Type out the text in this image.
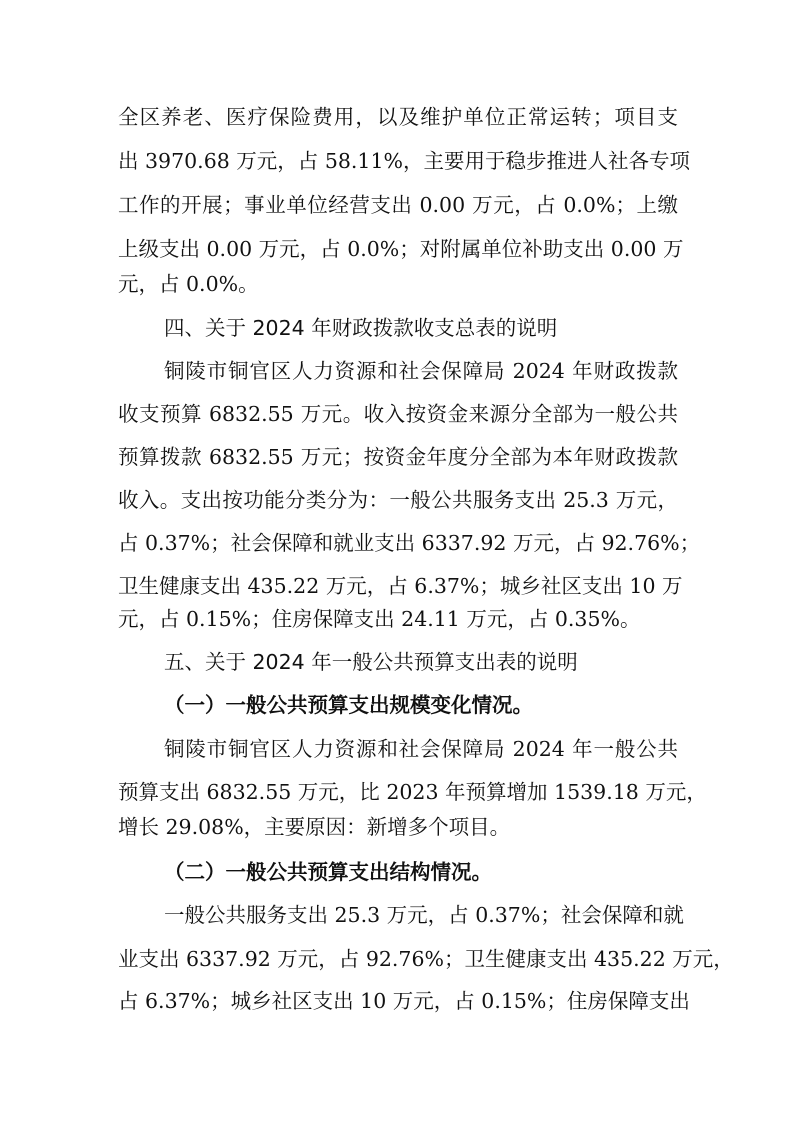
全区养老、医疗保险费用，以及维护单位正常运转；项目支
出 3970.68 万元，占 58.11%，主要用于稳步推进人社各专项
工作的开展；事业单位经营支出 0.00 万元，占 0.0%；上缴
上级支出 0.00 万元，占 0.0%；对附属单位补助支出 0.00 万
元，占 0.0%。
四、关于 2024 年财政拨款收支总表的说明
铜陵市铜官区人力资源和社会保障局 2024 年财政拨款
收支预算 6832.55 万元。收入按资金来源分全部为一般公共
预算拨款 6832.55 万元；按资金年度分全部为本年财政拨款
收入。支出按功能分类分为：一般公共服务支出 25.3 万元，
占 0.37%；社会保障和就业支出 6337.92 万元，占 92.76%；
卫生健康支出 435.22 万元，占 6.37%；城乡社区支出 10 万
元，占 0.15%；住房保障支出 24.11 万元，占 0.35%。
五、关于 2024 年一般公共预算支出表的说明
（一）一般公共预算支出规模变化情况。
铜陵市铜官区人力资源和社会保障局 2024 年一般公共
预算支出 6832.55 万元，比 2023 年预算增加 1539.18 万元，
增长 29.08%，主要原因：新增多个项目。
（二）一般公共预算支出结构情况。
一般公共服务支出 25.3 万元，占 0.37%；社会保障和就
业支出 6337.92 万元，占 92.76%；卫生健康支出 435.22 万元，
占 6.37%；城乡社区支出 10 万元，占 0.15%；住房保障支出
